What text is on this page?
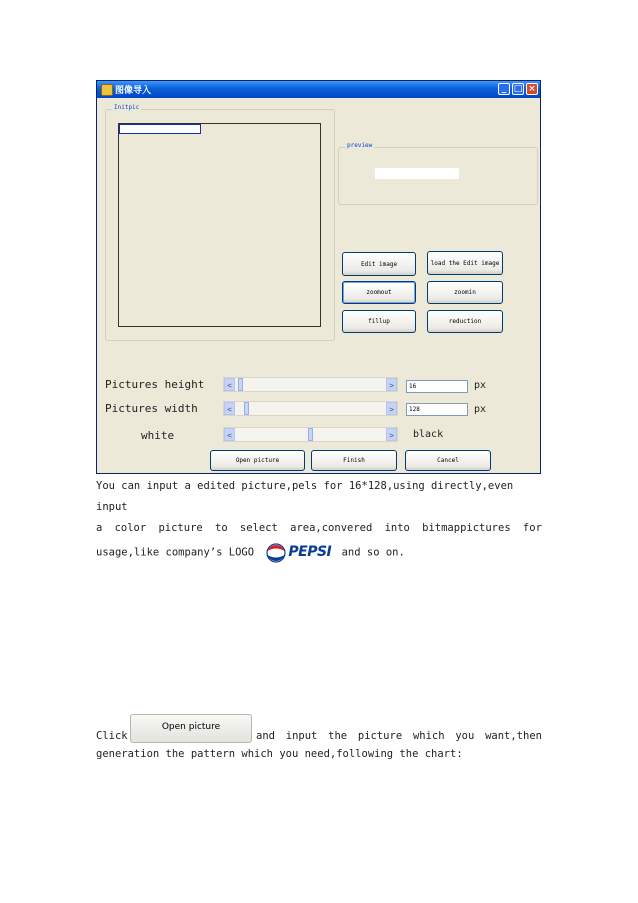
图像导入	_ □ ×
Initpic
preview
Edit image	load the Edit image
zoomout	zoomin
fillup	reduction
Pictures height	<	>	16	px
Pictures width	<	>	128	px
white	<	>	black
Open picture	Finish	Cancel
You can input a edited picture,pels for 16*128,using directly,even input
a color picture to select area,convered into bitmappictures for
usage,like company’s LOGO PEPSI and so on.
Click	and input the picture which you want,then
generation the pattern which you need,following the chart:
Open picture
